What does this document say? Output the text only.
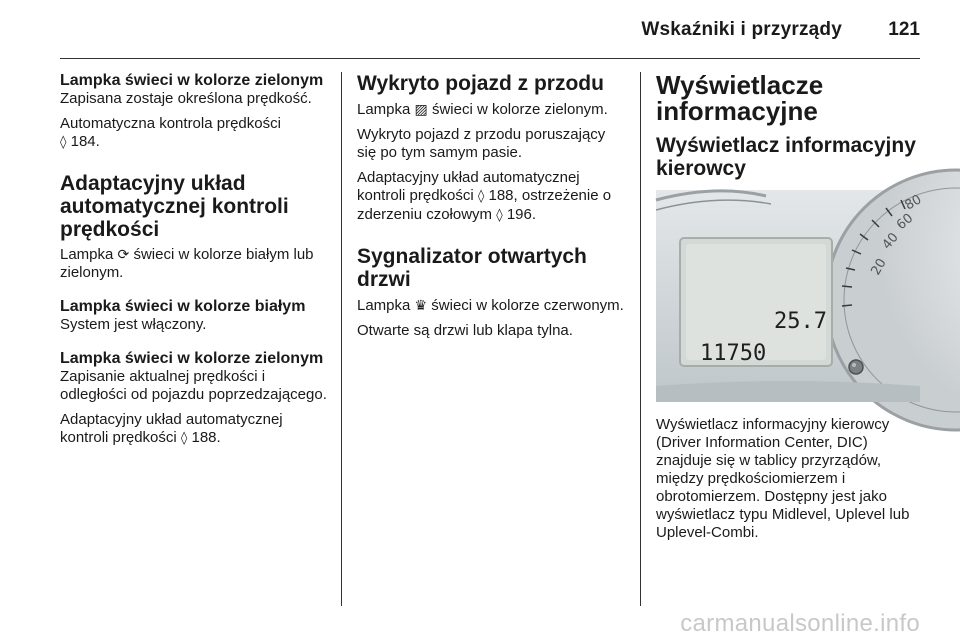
Wskaźniki i przyrządy 121

Lampka świeci w kolorze zielonym

Zapisana zostaje określona prędkość.

Automatyczna kontrola prędkości
◊ 184.

Adaptacyjny układ automatycznej kontroli prędkości

Lampka ⟳ świeci w kolorze białym lub zielonym.

Lampka świeci w kolorze białym

System jest włączony.

Lampka świeci w kolorze zielonym

Zapisanie aktualnej prędkości i odległości od pojazdu poprzedzającego.

Adaptacyjny układ automatycznej kontroli prędkości ◊ 188.

Wykryto pojazd z przodu

Lampka ▨ świeci w kolorze zielonym.

Wykryto pojazd z przodu poruszający się po tym samym pasie.

Adaptacyjny układ automatycznej kontroli prędkości ◊ 188, ostrzeżenie o zderzeniu czołowym ◊ 196.

Sygnalizator otwartych drzwi

Lampka ♛ świeci w kolorze czerwonym.

Otwarte są drzwi lub klapa tylna.

Wyświetlacze informacyjne

Wyświetlacz informacyjny kierowcy

20
40
60
80
25.7
11750

Wyświetlacz informacyjny kierowcy (Driver Information Center, DIC) znajduje się w tablicy przyrządów, między prędkościomierzem i obrotomierzem. Dostępny jest jako wyświetlacz typu Midlevel, Uplevel lub Uplevel-Combi.

carmanualsonline.info
